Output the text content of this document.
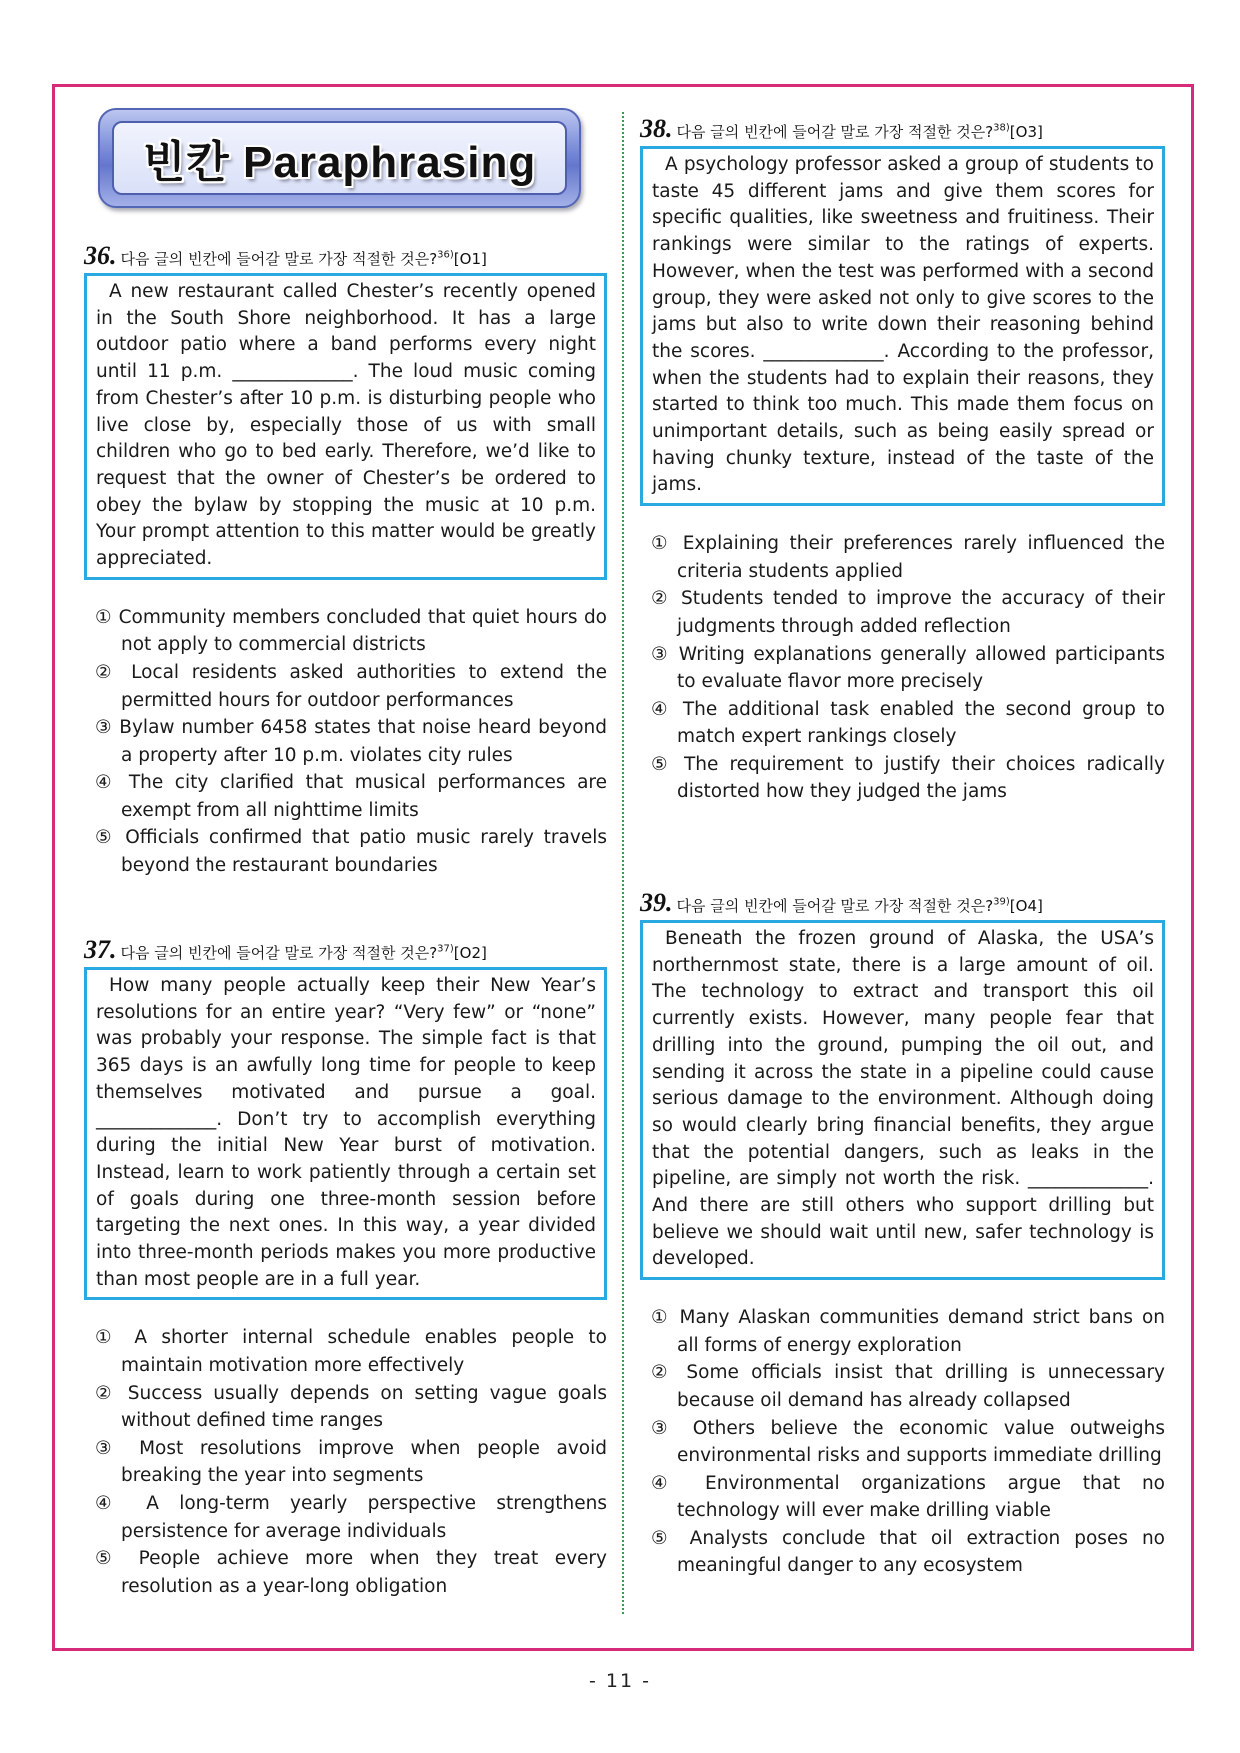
빈칸 Paraphrasing
36. 다음 글의 빈칸에 들어갈 말로 가장 적절한 것은?$^{36)}$[O1]
A new restaurant called Chester’s recently opened in the South Shore neighborhood. It has a large outdoor patio where a band performs every night until 11 p.m. _____________. The loud music coming from Chester’s after 10 p.m. is disturbing people who live close by, especially those of us with small children who go to bed early. Therefore, we’d like to request that the owner of Chester’s be ordered to obey the bylaw by stopping the music at 10 p.m. Your prompt attention to this matter would be greatly appreciated.
① Community members concluded that quiet hours do not apply to commercial districts
② Local residents asked authorities to extend the permitted hours for outdoor performances
③ Bylaw number 6458 states that noise heard beyond a property after 10 p.m. violates city rules
④ The city clarified that musical performances are exempt from all nighttime limits
⑤ Officials confirmed that patio music rarely travels beyond the restaurant boundaries
37. 다음 글의 빈칸에 들어갈 말로 가장 적절한 것은?$^{37)}$[O2]
How many people actually keep their New Year’s resolutions for an entire year? “Very few” or “none” was probably your response. The simple fact is that 365 days is an awfully long time for people to keep themselves motivated and pursue a goal. _____________. Don’t try to accomplish everything during the initial New Year burst of motivation. Instead, learn to work patiently through a certain set of goals during one three-month session before targeting the next ones. In this way, a year divided into three-month periods makes you more productive than most people are in a full year.
① A shorter internal schedule enables people to maintain motivation more effectively
② Success usually depends on setting vague goals without defined time ranges
③ Most resolutions improve when people avoid breaking the year into segments
④ A long-term yearly perspective strengthens persistence for average individuals
⑤ People achieve more when they treat every resolution as a year-long obligation
38. 다음 글의 빈칸에 들어갈 말로 가장 적절한 것은?$^{38)}$[O3]
A psychology professor asked a group of students to taste 45 different jams and give them scores for specific qualities, like sweetness and fruitiness. Their rankings were similar to the ratings of experts. However, when the test was performed with a second group, they were asked not only to give scores to the jams but also to write down their reasoning behind the scores. _____________. According to the professor, when the students had to explain their reasons, they started to think too much. This made them focus on unimportant details, such as being easily spread or having chunky texture, instead of the taste of the jams.
① Explaining their preferences rarely influenced the criteria students applied
② Students tended to improve the accuracy of their judgments through added reflection
③ Writing explanations generally allowed participants to evaluate flavor more precisely
④ The additional task enabled the second group to match expert rankings closely
⑤ The requirement to justify their choices radically distorted how they judged the jams
39. 다음 글의 빈칸에 들어갈 말로 가장 적절한 것은?$^{39)}$[O4]
Beneath the frozen ground of Alaska, the USA’s northernmost state, there is a large amount of oil. The technology to extract and transport this oil currently exists. However, many people fear that drilling into the ground, pumping the oil out, and sending it across the state in a pipeline could cause serious damage to the environment. Although doing so would clearly bring financial benefits, they argue that the potential dangers, such as leaks in the pipeline, are simply not worth the risk. _____________. And there are still others who support drilling but believe we should wait until new, safer technology is developed.
① Many Alaskan communities demand strict bans on all forms of energy exploration
② Some officials insist that drilling is unnecessary because oil demand has already collapsed
③ Others believe the economic value outweighs environmental risks and supports immediate drilling
④ Environmental organizations argue that no technology will ever make drilling viable
⑤ Analysts conclude that oil extraction poses no meaningful danger to any ecosystem
- 11 -
